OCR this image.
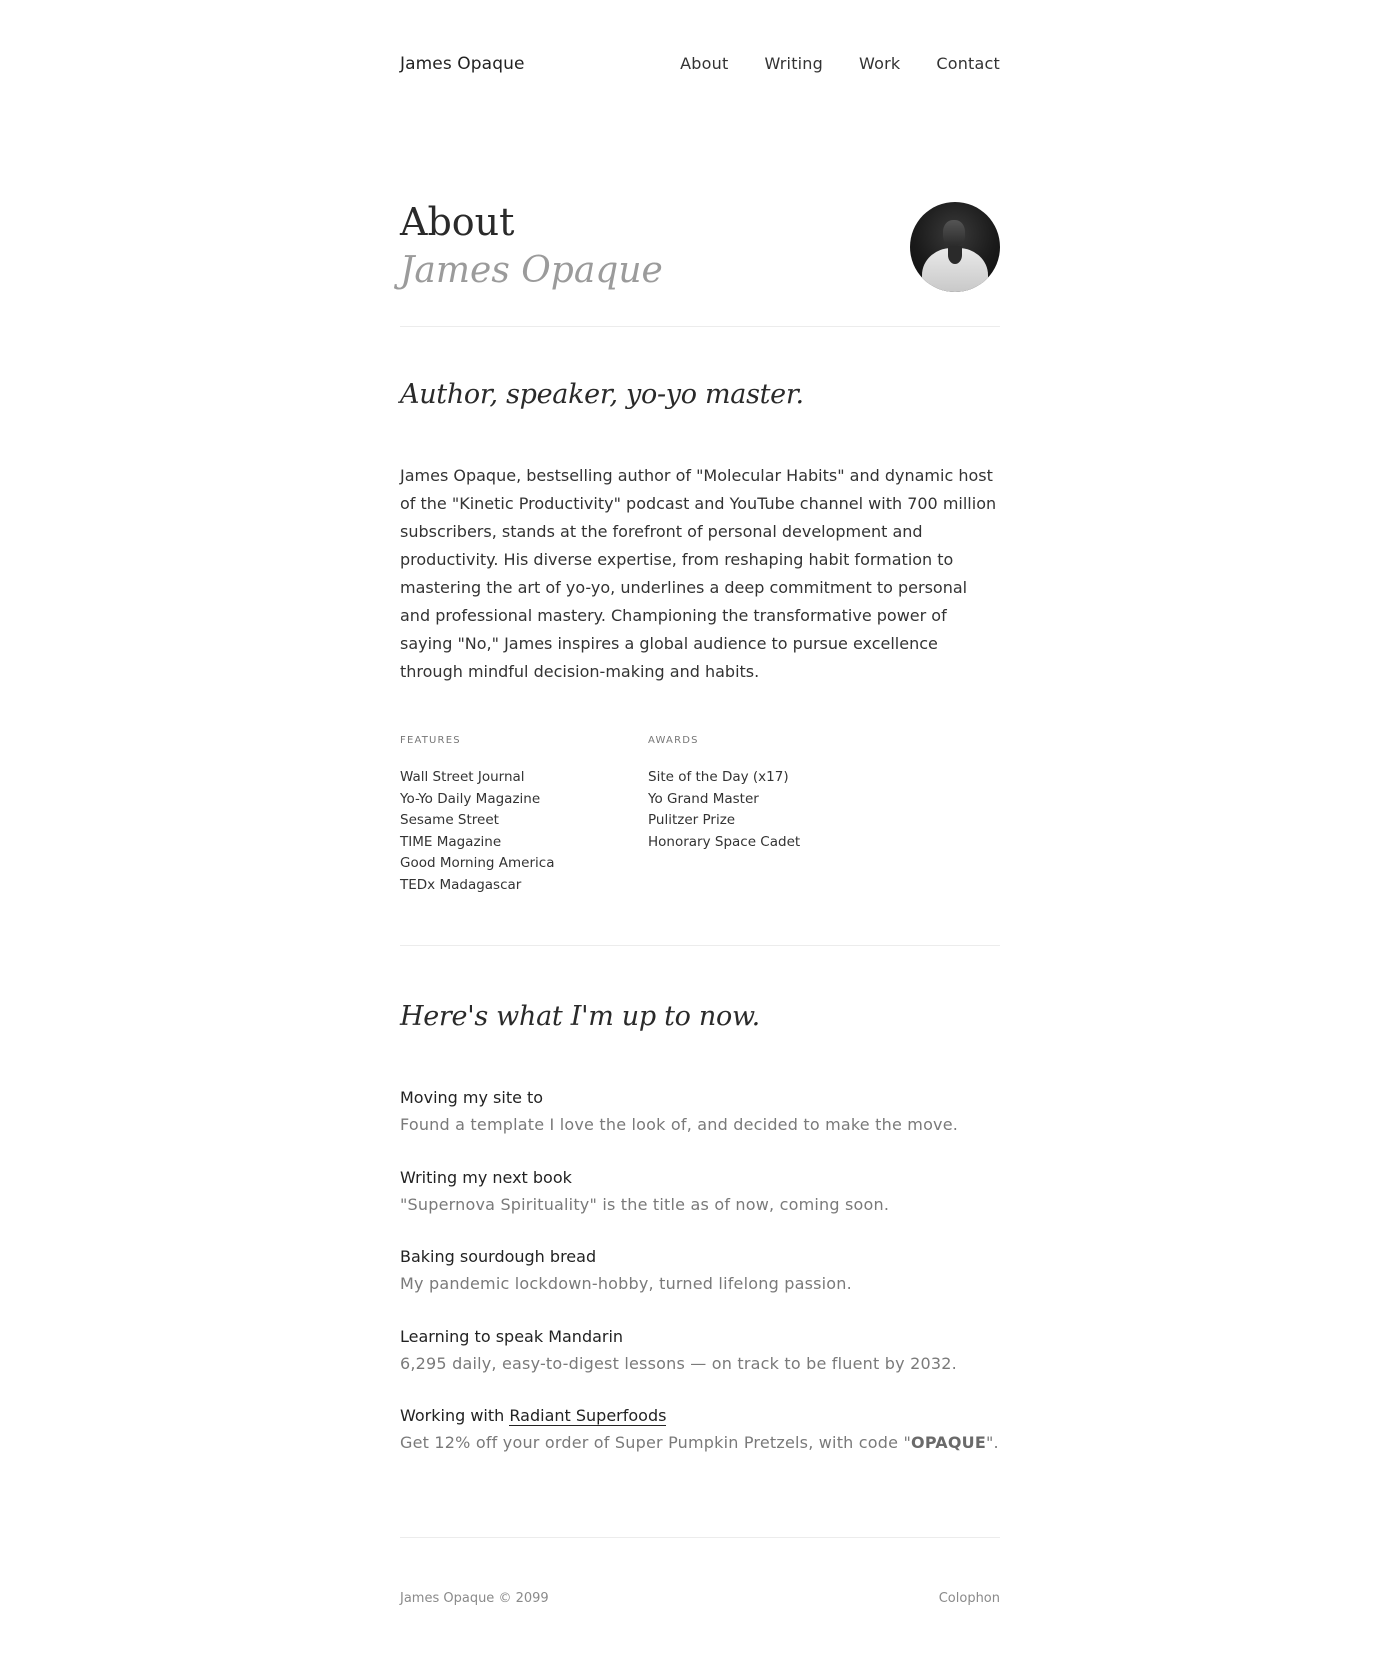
James Opaque	About Writing Work Contact
About
James Opaque
Author, speaker, yo-yo master.

James Opaque, bestselling author of "Molecular Habits" and dynamic host of the "Kinetic Productivity" podcast and YouTube channel with 700 million subscribers, stands at the forefront of personal development and productivity. His diverse expertise, from reshaping habit formation to mastering the art of yo-yo, underlines a deep commitment to personal and professional mastery. Championing the transformative power of saying "No," James inspires a global audience to pursue excellence through mindful decision-making and habits.

FEATURES
Wall Street Journal
Yo-Yo Daily Magazine
Sesame Street
TIME Magazine
Good Morning America
TEDx Madagascar
AWARDS
Site of the Day (x17)
Yo Grand Master
Pulitzer Prize
Honorary Space Cadet
Here's what I'm up to now.
Moving my site to
Found a template I love the look of, and decided to make the move.
Writing my next book
"Supernova Spirituality" is the title as of now, coming soon.
Baking sourdough bread
My pandemic lockdown-hobby, turned lifelong passion.
Learning to speak Mandarin
6,295 daily, easy-to-digest lessons — on track to be fluent by 2032.
Working with Radiant Superfoods
Get 12% off your order of Super Pumpkin Pretzels, with code "OPAQUE".
James Opaque © 2099	Colophon
